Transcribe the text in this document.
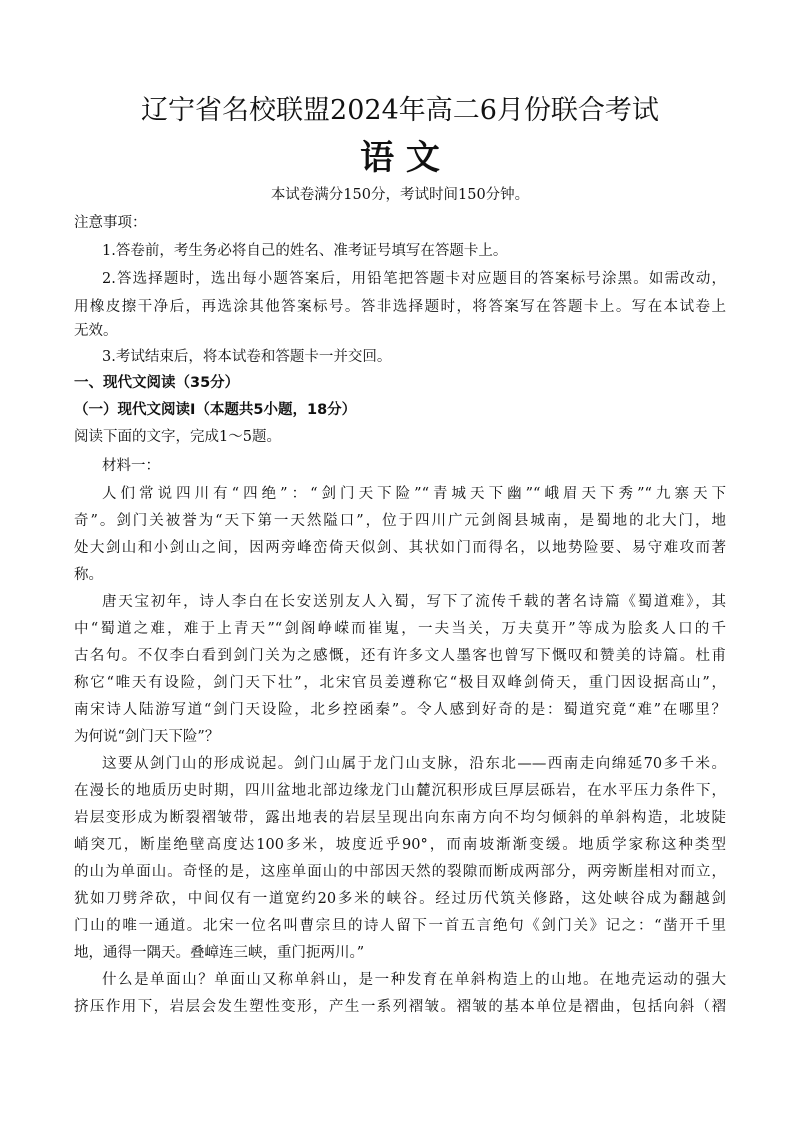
辽宁省名校联盟2024年高二6月份联合考试
语 文
本试卷满分150分，考试时间150分钟。
注意事项：
1.答卷前，考生务必将自己的姓名、准考证号填写在答题卡上。
2.答选择题时，选出每小题答案后，用铅笔把答题卡对应题目的答案标号涂黑。如需改动，
用橡皮擦干净后，再选涂其他答案标号。答非选择题时，将答案写在答题卡上。写在本试卷上
无效。
3.考试结束后，将本试卷和答题卡一并交回。
一、现代文阅读（35分）
（一）现代文阅读Ⅰ（本题共5小题，18分）
阅读下面的文字，完成1～5题。
材料一：
人们常说四川有“四绝”：“剑门天下险”“青城天下幽”“峨眉天下秀”“九寨天下
奇”。剑门关被誉为“天下第一天然隘口”，位于四川广元剑阁县城南，是蜀地的北大门，地
处大剑山和小剑山之间，因两旁峰峦倚天似剑、其状如门而得名，以地势险要、易守难攻而著
称。
唐天宝初年，诗人李白在长安送别友人入蜀，写下了流传千载的著名诗篇《蜀道难》，其
中“蜀道之难，难于上青天”“剑阁峥嵘而崔嵬，一夫当关，万夫莫开”等成为脍炙人口的千
古名句。不仅李白看到剑门关为之感慨，还有许多文人墨客也曾写下慨叹和赞美的诗篇。杜甫
称它“唯天有设险，剑门天下壮”，北宋官员姜遵称它“极目双峰剑倚天，重门因设据高山”，
南宋诗人陆游写道“剑门天设险，北乡控函秦”。令人感到好奇的是：蜀道究竟“难”在哪里？
为何说“剑门天下险”？
这要从剑门山的形成说起。剑门山属于龙门山支脉，沿东北——西南走向绵延70多千米。
在漫长的地质历史时期，四川盆地北部边缘龙门山麓沉积形成巨厚层砾岩，在水平压力条件下，
岩层变形成为断裂褶皱带，露出地表的岩层呈现出向东南方向不均匀倾斜的单斜构造，北坡陡
峭突兀，断崖绝壁高度达100多米，坡度近乎90°，而南坡渐渐变缓。地质学家称这种类型
的山为单面山。奇怪的是，这座单面山的中部因天然的裂隙而断成两部分，两旁断崖相对而立，
犹如刀劈斧砍，中间仅有一道宽约20多米的峡谷。经过历代筑关修路，这处峡谷成为翻越剑
门山的唯一通道。北宋一位名叫曹宗旦的诗人留下一首五言绝句《剑门关》记之：“凿开千里
地，通得一隅天。叠嶂连三峡，重门扼两川。”
什么是单面山？单面山又称单斜山，是一种发育在单斜构造上的山地。在地壳运动的强大
挤压作用下，岩层会发生塑性变形，产生一系列褶皱。褶皱的基本单位是褶曲，包括向斜（褶
